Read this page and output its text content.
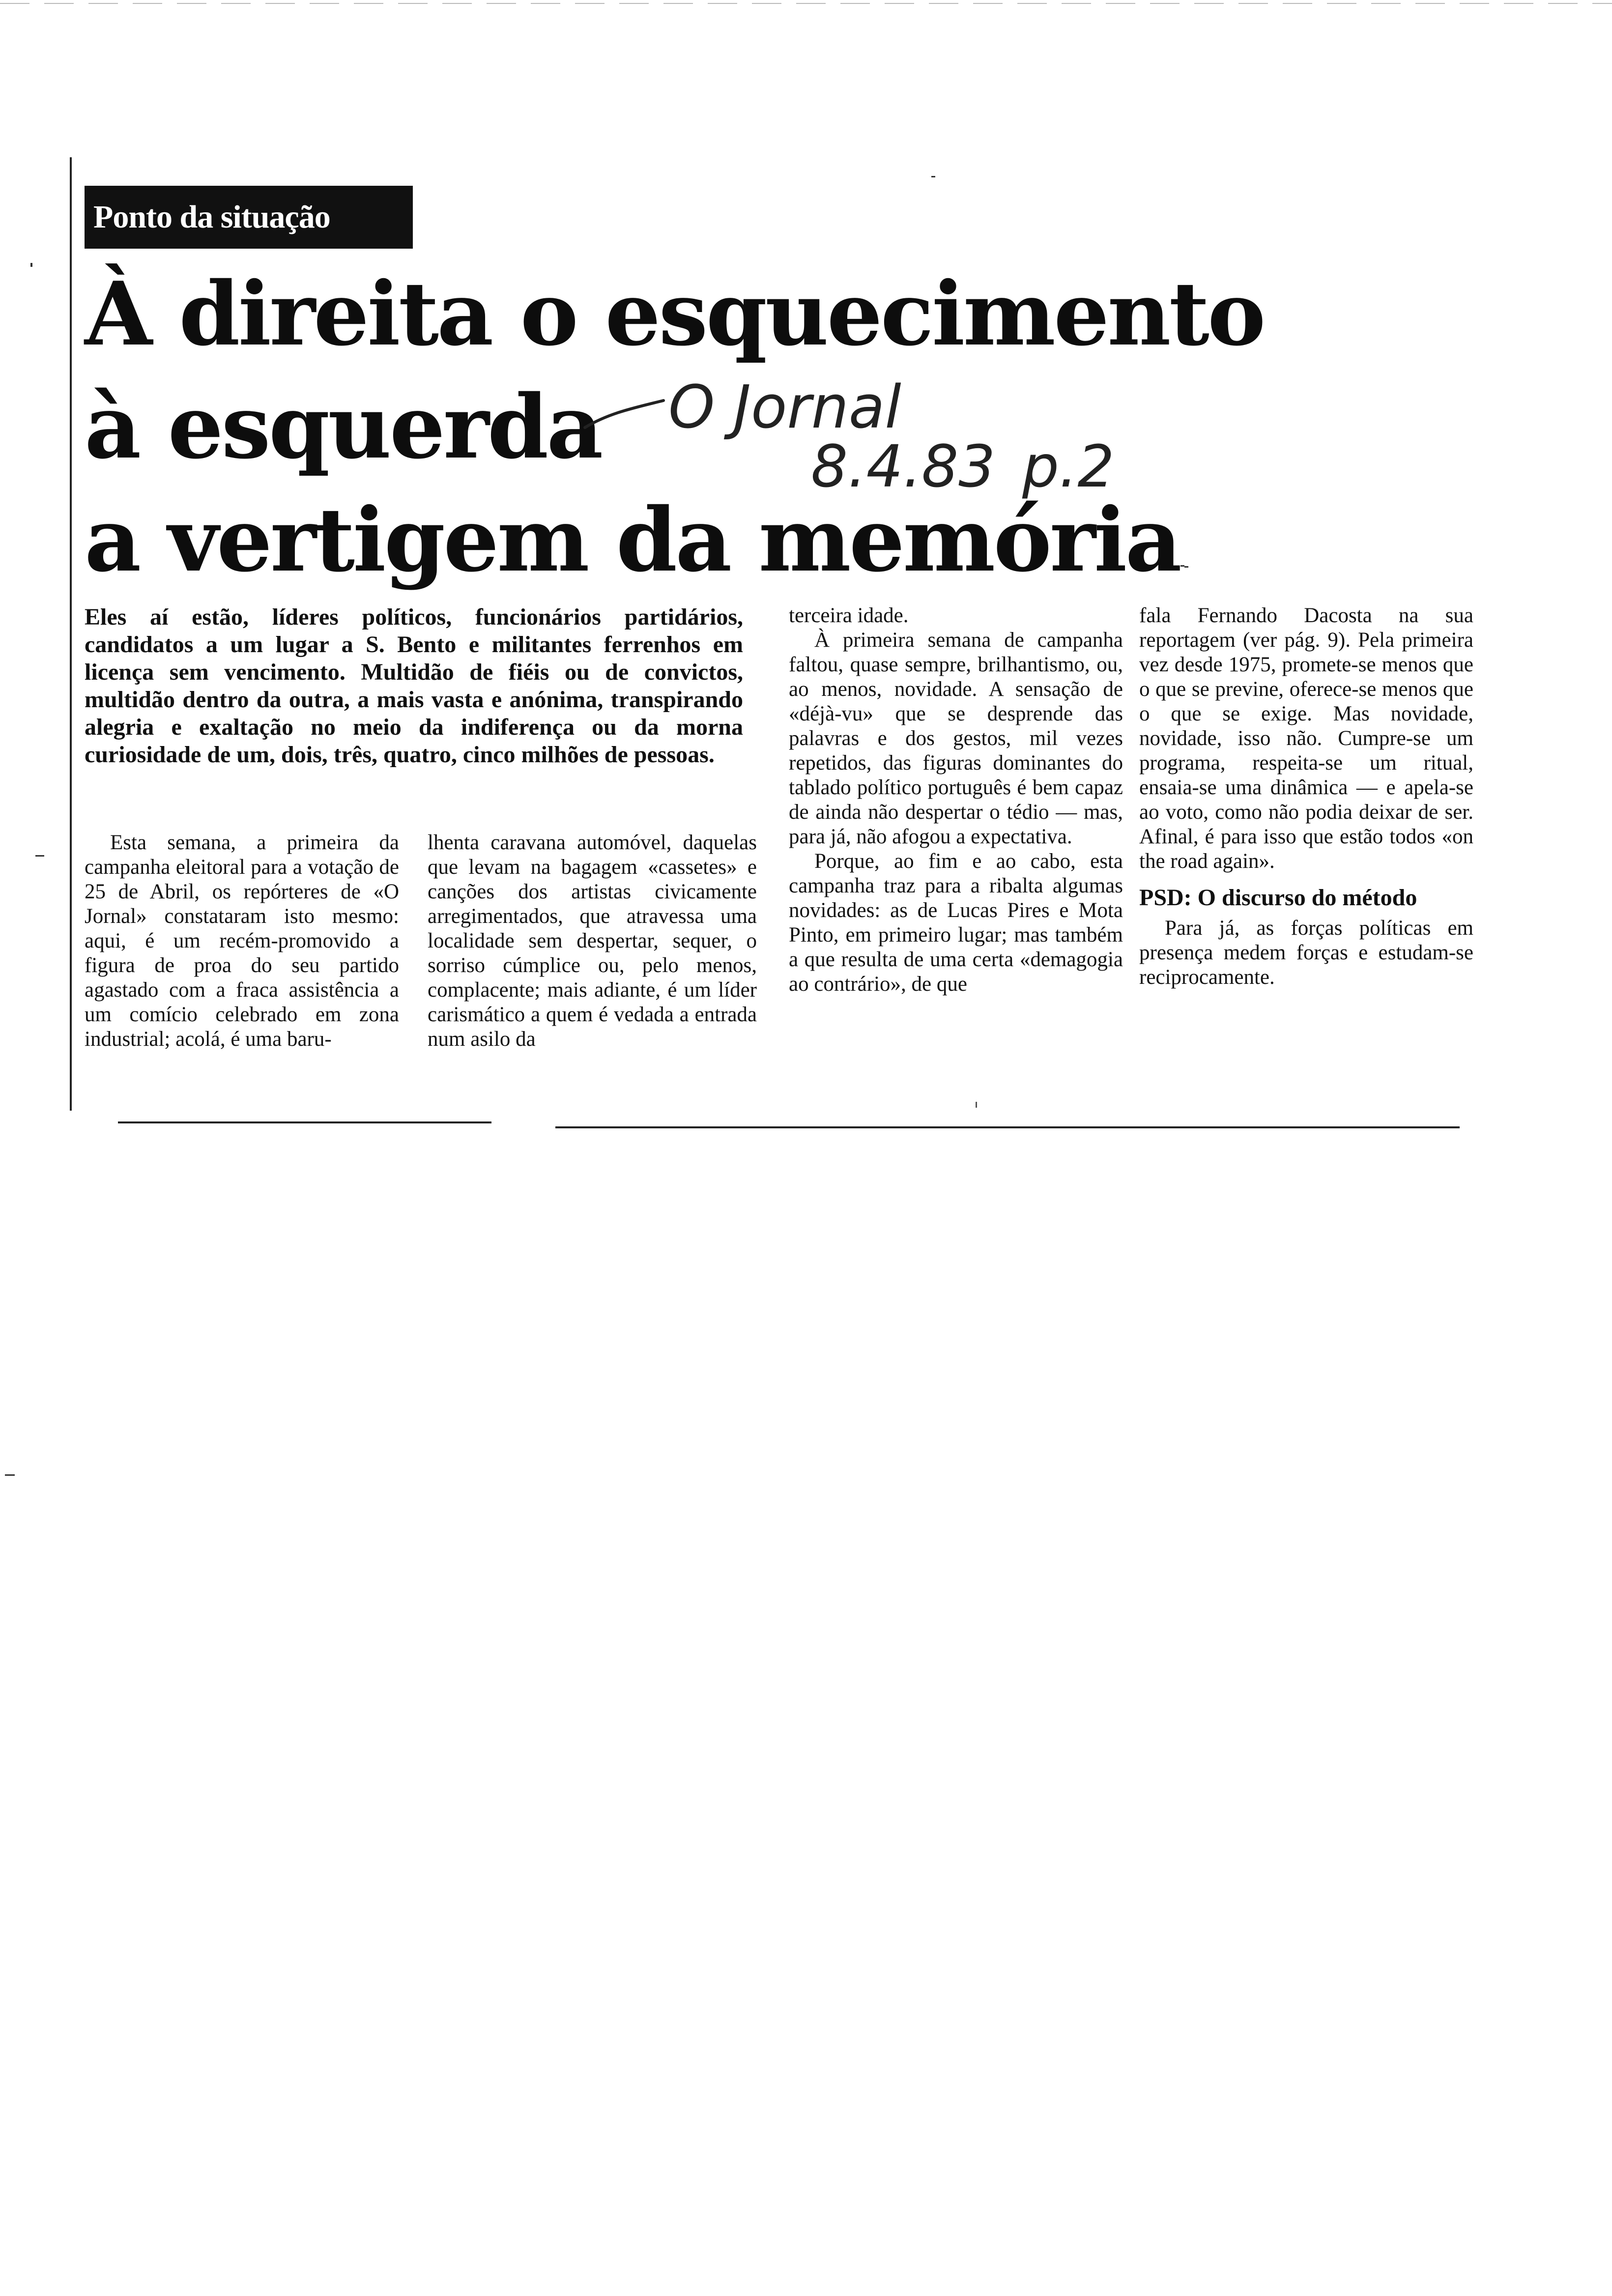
Ponto da situação
À direita o esquecimento
à esquerda
a vertigem da memória
O Jornal
8.4.83 p.2
Eles aí estão, líderes políticos, funcionários partidários, candidatos a um lugar a S. Bento e militantes ferrenhos em licença sem vencimento. Multidão de fiéis ou de convictos, multidão dentro da outra, a mais vasta e anónima, transpirando alegria e exaltação no meio da indiferença ou da morna curiosidade de um, dois, três, quatro, cinco milhões de pessoas.

Esta semana, a primeira da campanha eleitoral para a votação de 25 de Abril, os repórteres de «O Jornal» constataram isto mesmo: aqui, é um recém-promovido a figura de proa do seu partido agastado com a fraca assistência a um comício celebrado em zona industrial; acolá, é uma baru-

lhenta caravana automóvel, daquelas que levam na bagagem «cassetes» e canções dos artistas civicamente arregimentados, que atravessa uma localidade sem despertar, sequer, o sorriso cúmplice ou, pelo menos, complacente; mais adiante, é um líder carismático a quem é vedada a entrada num asilo da

terceira idade.

À primeira semana de campanha faltou, quase sempre, brilhantismo, ou, ao menos, novidade. A sensação de «déjà-vu» que se desprende das palavras e dos gestos, mil vezes repetidos, das figuras dominantes do tablado político português é bem capaz de ainda não despertar o tédio — mas, para já, não afogou a expectativa.

Porque, ao fim e ao cabo, esta campanha traz para a ribalta algumas novidades: as de Lucas Pires e Mota Pinto, em primeiro lugar; mas também a que resulta de uma certa «demagogia ao contrário», de que

fala Fernando Dacosta na sua reportagem (ver pág. 9). Pela primeira vez desde 1975, promete-se menos que o que se previne, oferece-se menos que o que se exige. Mas novidade, novidade, isso não. Cumpre-se um programa, respeita-se um ritual, ensaia-se uma dinâmica — e apela-se ao voto, como não podia deixar de ser. Afinal, é para isso que estão todos «on the road again».

PSD: O discurso do método

Para já, as forças políticas em presença medem forças e estudam-se reciprocamente.
